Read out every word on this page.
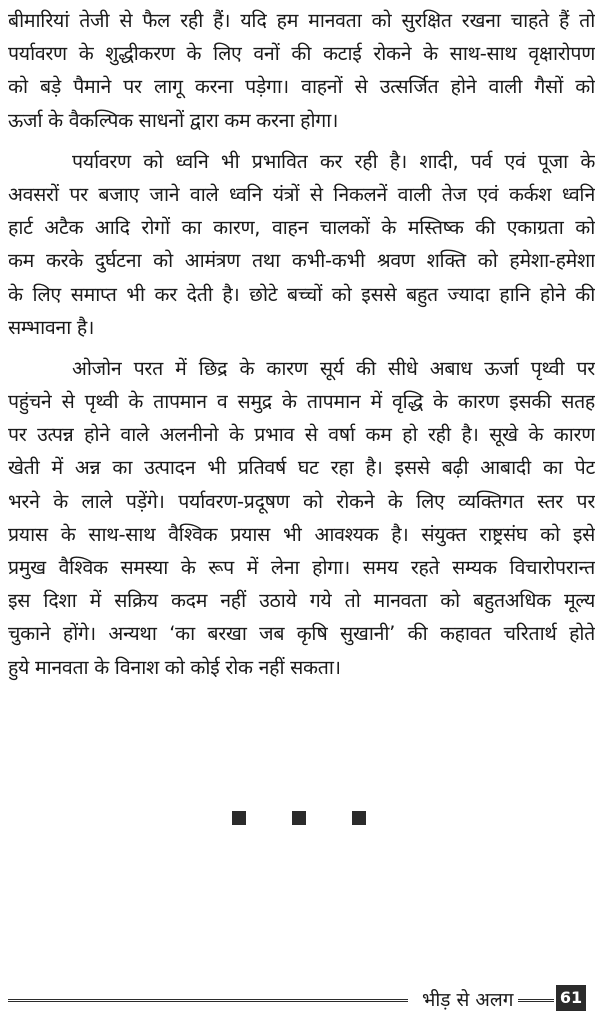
बीमारियां तेजी से फैल रही हैं। यदि हम मानवता को सुरक्षित रखना चाहते हैं तो
पर्यावरण के शुद्धीकरण के लिए वनों की कटाई रोकने के साथ-साथ वृक्षारोपण
को बड़े पैमाने पर लागू करना पड़ेगा। वाहनों से उत्सर्जित होने वाली गैसों को
ऊर्जा के वैकल्पिक साधनों द्वारा कम करना होगा।
पर्यावरण को ध्वनि भी प्रभावित कर रही है। शादी, पर्व एवं पूजा के
अवसरों पर बजाए जाने वाले ध्वनि यंत्रों से निकलनें वाली तेज एवं कर्कश ध्वनि
हार्ट अटैक आदि रोगों का कारण, वाहन चालकों के मस्तिष्क की एकाग्रता को
कम करके दुर्घटना को आमंत्रण तथा कभी-कभी श्रवण शक्ति को हमेशा-हमेशा
के लिए समाप्त भी कर देती है। छोटे बच्चों को इससे बहुत ज्यादा हानि होने की
सम्भावना है।
ओजोन परत में छिद्र के कारण सूर्य की सीधे अबाध ऊर्जा पृथ्वी पर
पहुंचने से पृथ्वी के तापमान व समुद्र के तापमान में वृद्धि के कारण इसकी सतह
पर उत्पन्न होने वाले अलनीनो के प्रभाव से वर्षा कम हो रही है। सूखे के कारण
खेती में अन्न का उत्पादन भी प्रतिवर्ष घट रहा है। इससे बढ़ी आबादी का पेट
भरने के लाले पड़ेंगे। पर्यावरण-प्रदूषण को रोकने के लिए व्यक्तिगत स्तर पर
प्रयास के साथ-साथ वैश्विक प्रयास भी आवश्यक है। संयुक्त राष्ट्रसंघ को इसे
प्रमुख वैश्विक समस्या के रूप में लेना होगा। समय रहते सम्यक विचारोपरान्त
इस दिशा में सक्रिय कदम नहीं उठाये गये तो मानवता को बहुतअधिक मूल्य
चुकाने होंगे। अन्यथा ‘का बरखा जब कृषि सुखानी’ की कहावत चरितार्थ होते
हुये मानवता के विनाश को कोई रोक नहीं सकता।
भीड़ से अलग	61
